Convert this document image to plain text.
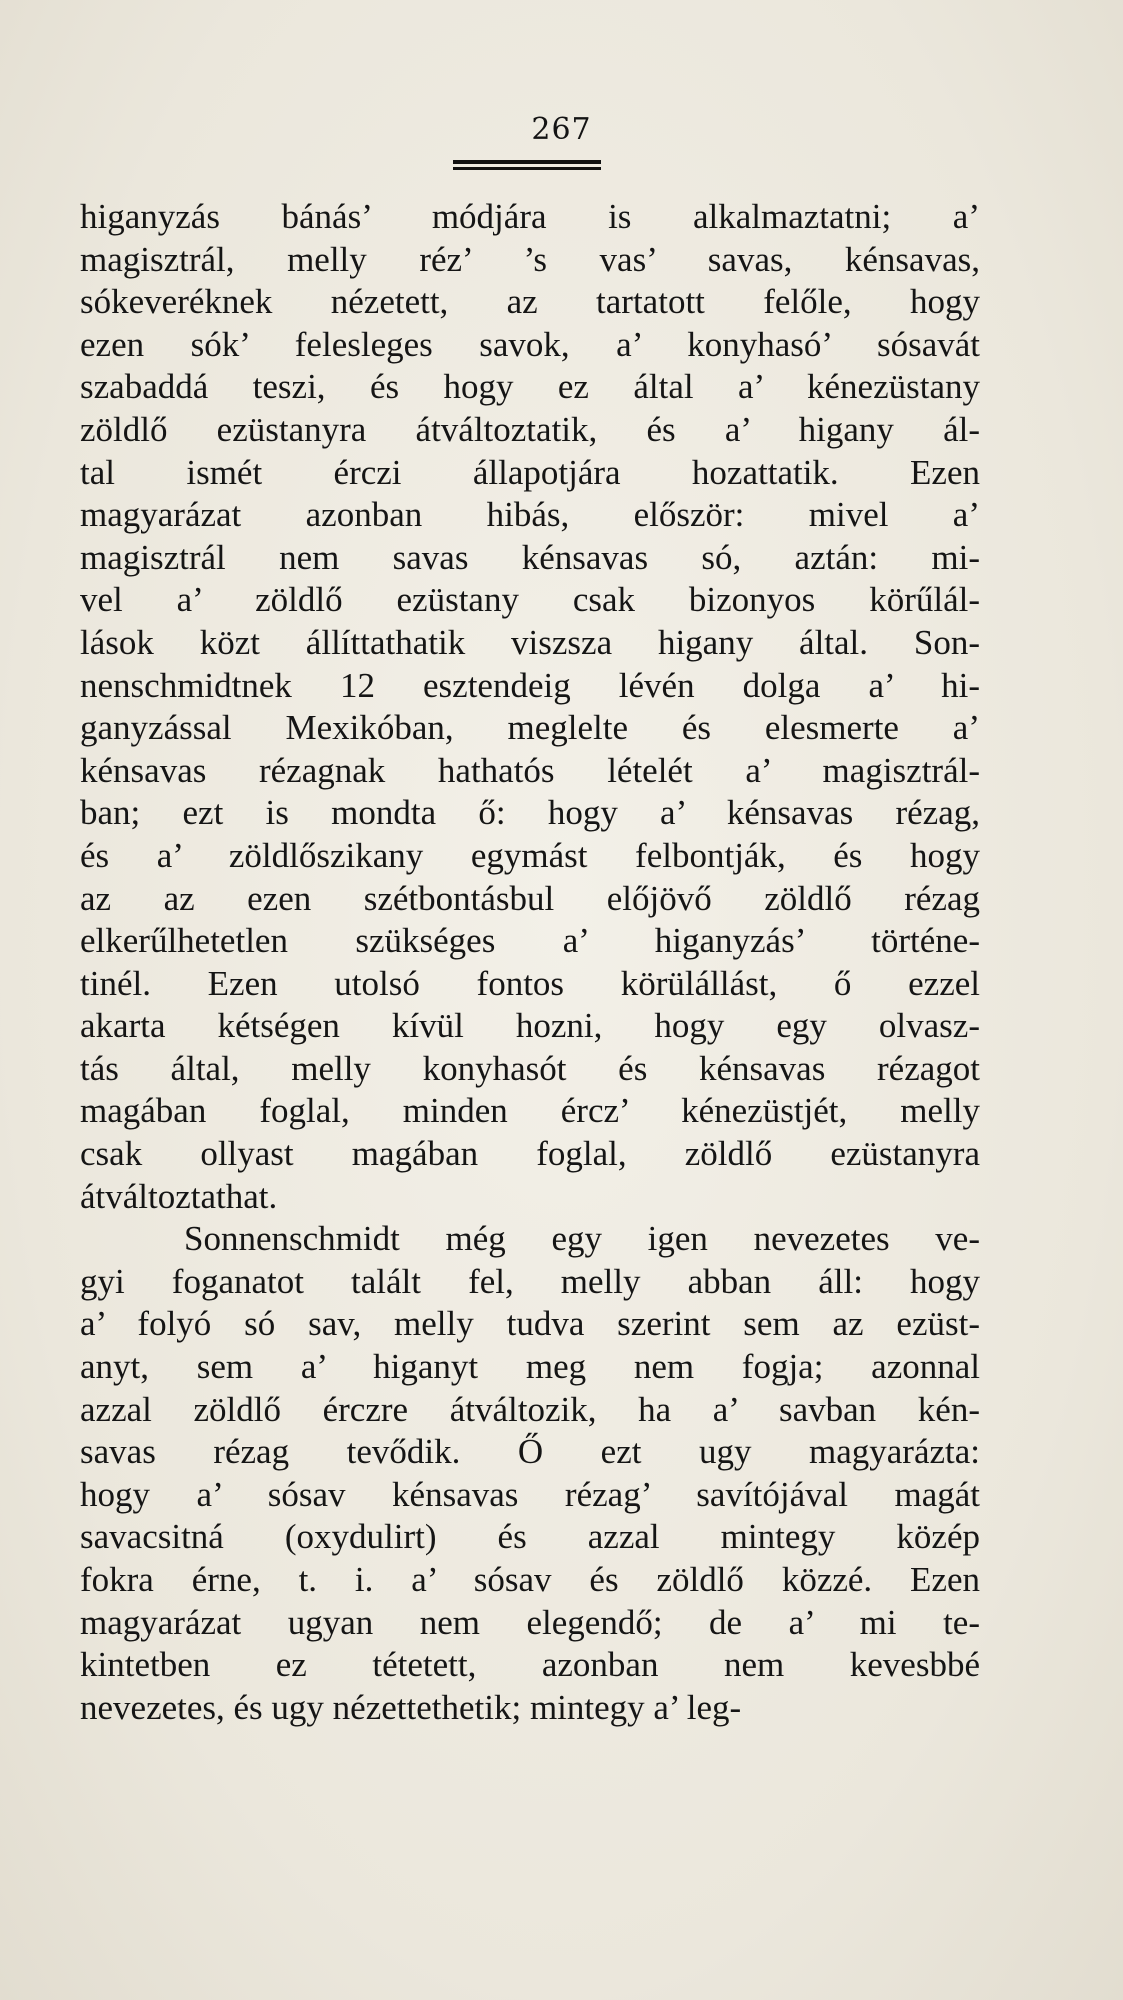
267
higanyzás bánás’ módjára is alkalmaztatni; a’
magisztrál, melly réz’ ’s vas’ savas, kénsavas,
sókeveréknek nézetett, az tartatott felőle, hogy
ezen sók’ felesleges savok, a’ konyhasó’ sósavát
szabaddá teszi, és hogy ez által a’ kénezüstany
zöldlő ezüstanyra átváltoztatik, és a’ higany ál-
tal ismét érczi állapotjára hozattatik. Ezen
magyarázat azonban hibás, először: mivel a’
magisztrál nem savas kénsavas só, aztán: mi-
vel a’ zöldlő ezüstany csak bizonyos körűlál-
lások közt állíttathatik viszsza higany által. Son-
nenschmidtnek 12 esztendeig lévén dolga a’ hi-
ganyzással Mexikóban, meglelte és elesmerte a’
kénsavas rézagnak hathatós lételét a’ magisztrál-
ban; ezt is mondta ő: hogy a’ kénsavas rézag,
és a’ zöldlőszikany egymást felbontják, és hogy
az az ezen szétbontásbul előjövő zöldlő rézag
elkerűlhetetlen szükséges a’ higanyzás’ történe-
tinél. Ezen utolsó fontos körülállást, ő ezzel
akarta kétségen kívül hozni, hogy egy olvasz-
tás által, melly konyhasót és kénsavas rézagot
magában foglal, minden ércz’ kénezüstjét, melly
csak ollyast magában foglal, zöldlő ezüstanyra
átváltoztathat.
Sonnenschmidt még egy igen nevezetes ve-
gyi foganatot talált fel, melly abban áll: hogy
a’ folyó só sav, melly tudva szerint sem az ezüst-
anyt, sem a’ higanyt meg nem fogja; azonnal
azzal zöldlő érczre átváltozik, ha a’ savban kén-
savas rézag tevődik. Ő ezt ugy magyarázta:
hogy a’ sósav kénsavas rézag’ savítójával magát
savacsitná (oxydulirt) és azzal mintegy közép
fokra érne, t. i. a’ sósav és zöldlő közzé. Ezen
magyarázat ugyan nem elegendő; de a’ mi te-
kintetben ez tétetett, azonban nem kevesbbé
nevezetes, és ugy nézettethetik; mintegy a’ leg-
